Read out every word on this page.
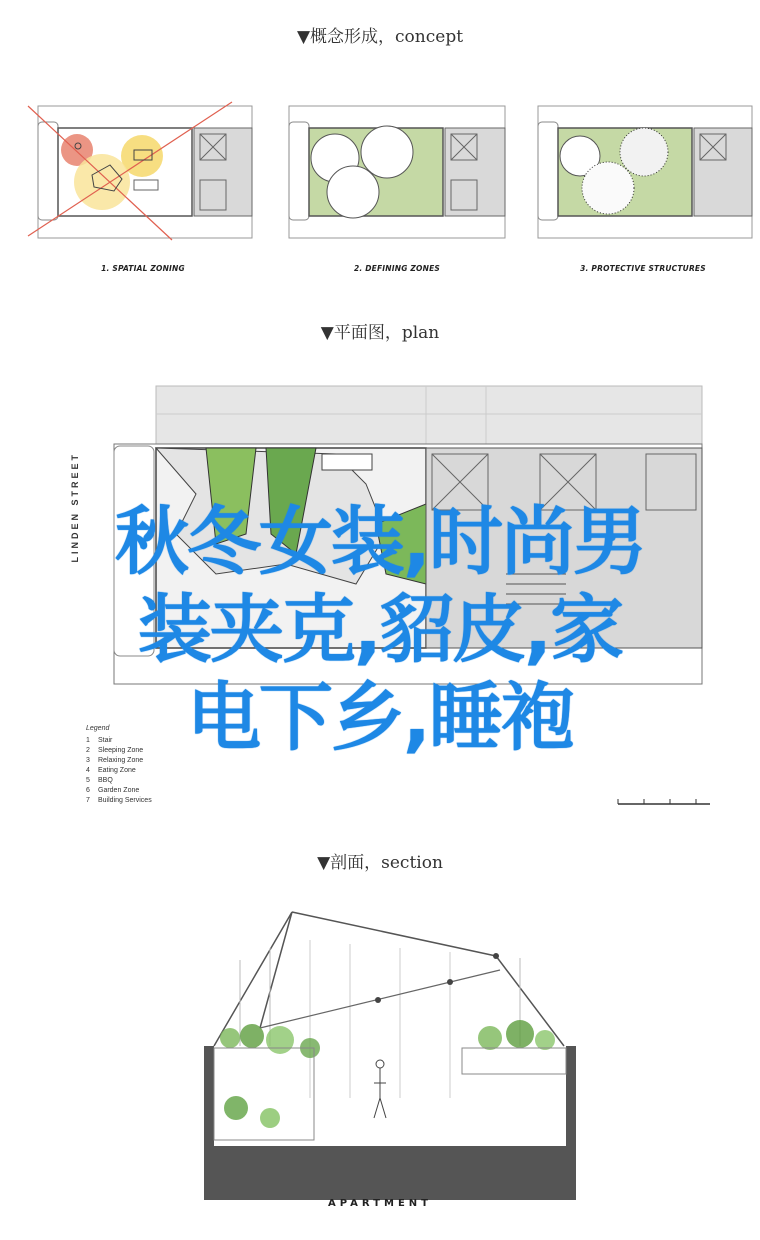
▼概念形成，concept
1. SPATIAL ZONING	2. DEFINING ZONES	3. PROTECTIVE STRUCTURES
▼平面图，plan
LINDEN STREET
Legend
1	Stair
2	Sleeping Zone
3	Relaxing Zone
4	Eating Zone
5	BBQ
6	Garden Zone
7	Building Services
秋冬女装,时尚男
装夹克,貂皮,家
电下乡,睡袍
▼剖面，section
APARTMENT
